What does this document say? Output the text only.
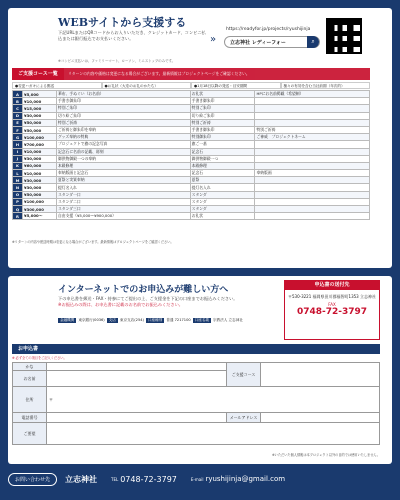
ご支援方法
1	WEBサイトから支援する
下記URLまたはQRコードからお入りいただき、クレジットカード、コンビニ払込または銀行振込でお支払いください。
※コンビニ支払いは、ファミリーマート、ローソン、ミニストップのみです。
»
https://readyfor.jp/projects/ryushijinja
立志神社 レディーフォー	⌕
ご支援コース一覧	リターンの内容や価格は変更になる場合がございます。最新情報はプロジェクトページをご確認ください。
●変更ハガキによる郵送	●お礼状（大変のお礼のかたち）	●1月18日以降の発送・目安期間	様々の有効を含む当社前期（年次的）
A	¥5,000	華布、手ぬぐい（お名前）	お礼状	HPにお名前掲載（希望制）
B	¥10,000	手書き御朱印	手書き御朱印	
C	¥15,000	特別ご朱印	特別ご朱印	
D	¥30,000	切り絵ご朱印	切り絵ご朱印	
E	¥50,000	特別ご祈祷	特別ご祈祷	
F	¥50,000	ご祈祷と御朱印を奉納	手書き御朱印	特別ご祈祷
G	¥100,000	グッズ奉納の特典	特別御朱印	ご神威　プロジェクトネーム
H	¥700,000	プロジェクトで旗の記念写真	旗ご一基	
I	¥10,000	記念石に名前の記載、彫刻	記念石	
J	¥30,000	御供物御殿一つの奉納	御供物御殿一つ	
K	¥60,000	本殿修理	本殿修理	
L	¥10,000	奉納版画と記念石	記念石	奉納版画
M	¥30,000	夏祭と実質奉納	夏祭	
N	¥30,000	提灯名入れ	提灯名入れ	
O	¥50,000	スタンダ一口	スタンダ	
P	¥100,000	スタンダ二口	スタンダ	
Q	¥300,000	スタンダ三口	スタンダ	
R	¥5,000～	自由支援（¥5,000～¥900,000）	お礼状	
※リターンの内容や配送時期は変更になる場合がございます。最新情報はプロジェクトページをご確認ください。
ご支援方法
2	インターネットでのお申込みが難しい方へ
下の申込書を郵送・FAX・持参にてご提出の上、ご支援金を下記の口座までお振込みください。
※お振込みの際は、お申込書に記載のお名前でお振込みください。
金融機関	東京銀行(0036)	支店	東京支店(254)	口座種別	普通 7217100	口座名義	宗教法人 立志神社
申込書の送付先
〒530-3221 福岡県田川郡福智町1353 立志神社
FAX
0748-72-3797
お申込書
※ 必ず全ての項目をご記入ください。
かな		ご支援コース	
お名前			
住所	〒		
電話番号		メールアドレス	
ご要望			
※いただいた個人情報は本プロジェクト以外の目的では使用いたしません。
お問い合わせ先	立志神社	TEL 0748-72-3797	E-mail ryushijinja@gmail.com
